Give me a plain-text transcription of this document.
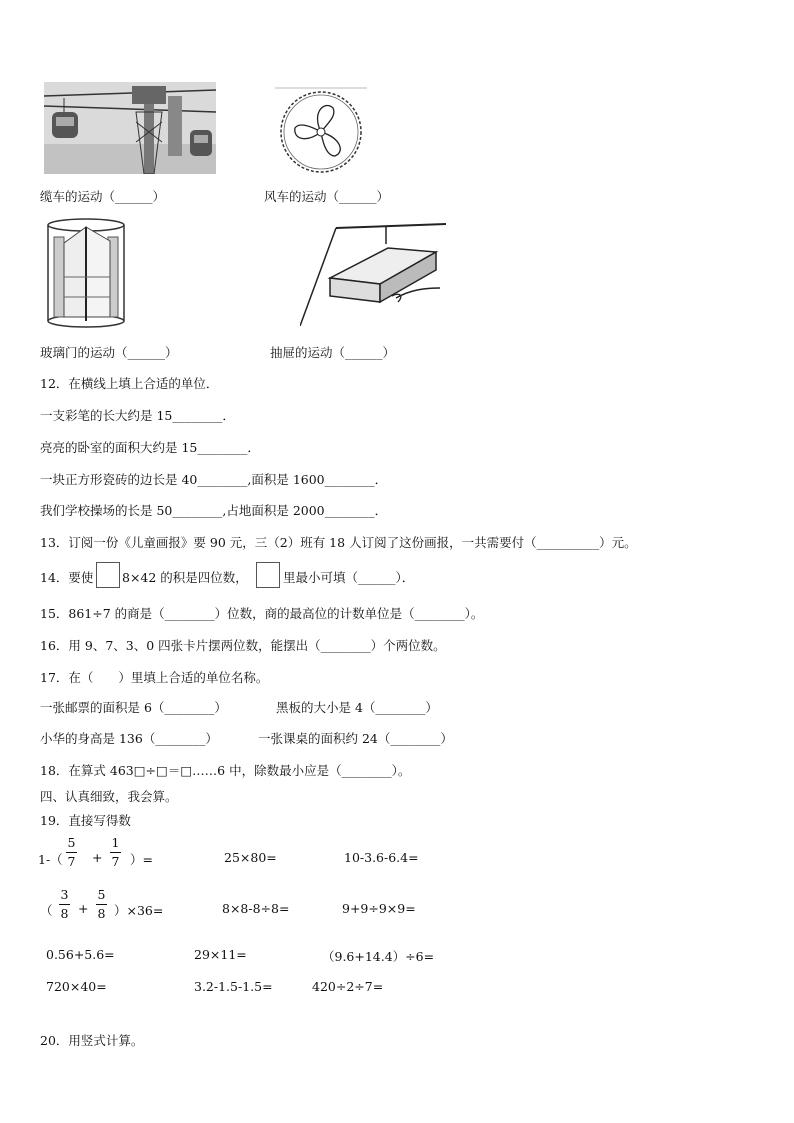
缆车的运动（______）	风车的运动（______）
玻璃门的运动（______）	抽屉的运动（______）
12．在横线上填上合适的单位．
一支彩笔的长大约是 15________．
亮亮的卧室的面积大约是 15________．
一块正方形瓷砖的边长是 40________,面积是 1600________．
我们学校操场的长是 50________,占地面积是 2000________．
13．订阅一份《儿童画报》要 90 元，三（2）班有 18 人订阅了这份画报，一共需要付（__________）元。
14．要使 8×42 的积是四位数，	里最小可填（______）．
15．861÷7 的商是（________）位数，商的最高位的计数单位是（________）。
16．用 9、7、3、0 四张卡片摆两位数，能摆出（________）个两位数。
17．在（　　）里填上合适的单位名称。
一张邮票的面积是 6（________）	黑板的大小是 4（________）
小华的身高是 136（________）	一张课桌的面积约 24（________）
18．在算式 463□÷□＝□……6 中，除数最小应是（________）。
四、认真细致，我会算。
19．直接写得数
1-（
5
7 +
1
7 ）=	25×80=	10-3.6-6.4=
（
3
8 +
5
8 ）×36=	8×8-8÷8=	9+9÷9×9=
0.56+5.6=	29×11=	（9.6+14.4）÷6=
720×40=	3.2-1.5-1.5=	420÷2÷7=
20．用竖式计算。
